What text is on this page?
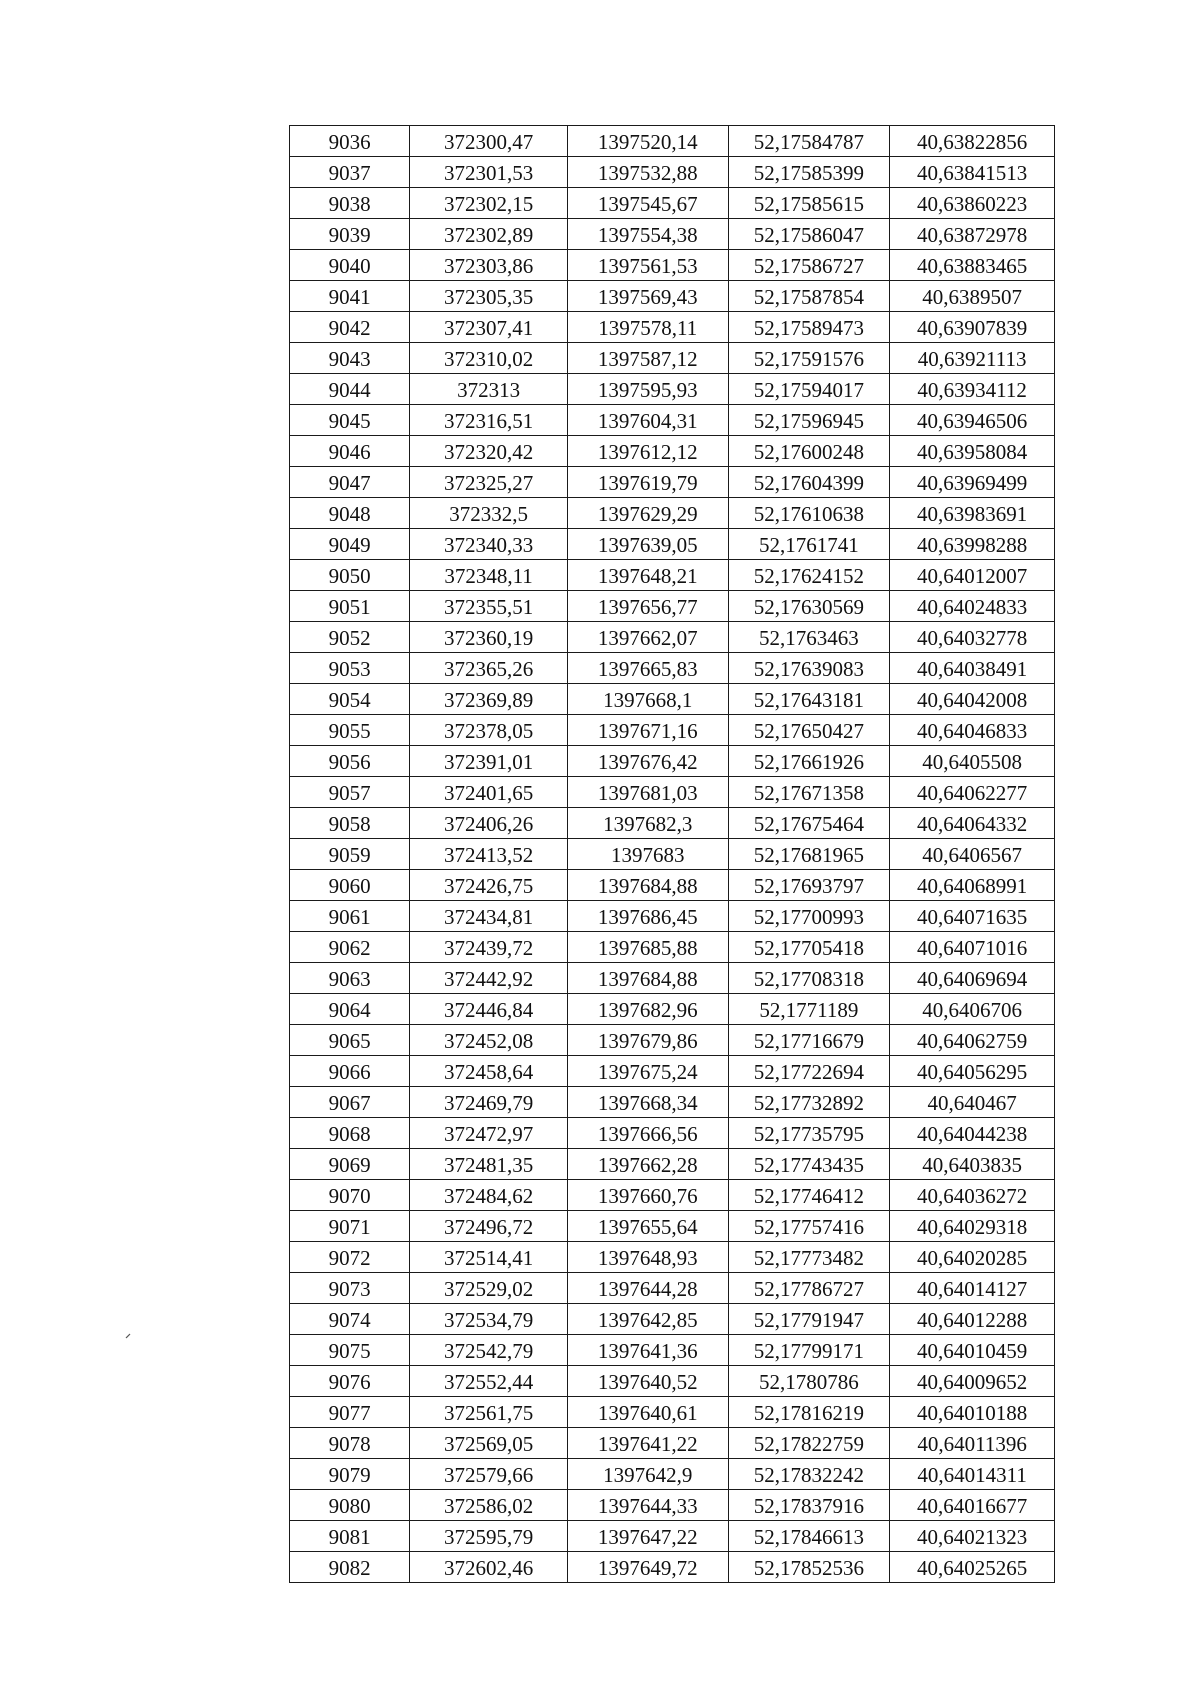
9036	372300,47	1397520,14	52,17584787	40,63822856
9037	372301,53	1397532,88	52,17585399	40,63841513
9038	372302,15	1397545,67	52,17585615	40,63860223
9039	372302,89	1397554,38	52,17586047	40,63872978
9040	372303,86	1397561,53	52,17586727	40,63883465
9041	372305,35	1397569,43	52,17587854	40,6389507
9042	372307,41	1397578,11	52,17589473	40,63907839
9043	372310,02	1397587,12	52,17591576	40,63921113
9044	372313	1397595,93	52,17594017	40,63934112
9045	372316,51	1397604,31	52,17596945	40,63946506
9046	372320,42	1397612,12	52,17600248	40,63958084
9047	372325,27	1397619,79	52,17604399	40,63969499
9048	372332,5	1397629,29	52,17610638	40,63983691
9049	372340,33	1397639,05	52,1761741	40,63998288
9050	372348,11	1397648,21	52,17624152	40,64012007
9051	372355,51	1397656,77	52,17630569	40,64024833
9052	372360,19	1397662,07	52,1763463	40,64032778
9053	372365,26	1397665,83	52,17639083	40,64038491
9054	372369,89	1397668,1	52,17643181	40,64042008
9055	372378,05	1397671,16	52,17650427	40,64046833
9056	372391,01	1397676,42	52,17661926	40,6405508
9057	372401,65	1397681,03	52,17671358	40,64062277
9058	372406,26	1397682,3	52,17675464	40,64064332
9059	372413,52	1397683	52,17681965	40,6406567
9060	372426,75	1397684,88	52,17693797	40,64068991
9061	372434,81	1397686,45	52,17700993	40,64071635
9062	372439,72	1397685,88	52,17705418	40,64071016
9063	372442,92	1397684,88	52,17708318	40,64069694
9064	372446,84	1397682,96	52,1771189	40,6406706
9065	372452,08	1397679,86	52,17716679	40,64062759
9066	372458,64	1397675,24	52,17722694	40,64056295
9067	372469,79	1397668,34	52,17732892	40,640467
9068	372472,97	1397666,56	52,17735795	40,64044238
9069	372481,35	1397662,28	52,17743435	40,6403835
9070	372484,62	1397660,76	52,17746412	40,64036272
9071	372496,72	1397655,64	52,17757416	40,64029318
9072	372514,41	1397648,93	52,17773482	40,64020285
9073	372529,02	1397644,28	52,17786727	40,64014127
9074	372534,79	1397642,85	52,17791947	40,64012288
9075	372542,79	1397641,36	52,17799171	40,64010459
9076	372552,44	1397640,52	52,1780786	40,64009652
9077	372561,75	1397640,61	52,17816219	40,64010188
9078	372569,05	1397641,22	52,17822759	40,64011396
9079	372579,66	1397642,9	52,17832242	40,64014311
9080	372586,02	1397644,33	52,17837916	40,64016677
9081	372595,79	1397647,22	52,17846613	40,64021323
9082	372602,46	1397649,72	52,17852536	40,64025265
